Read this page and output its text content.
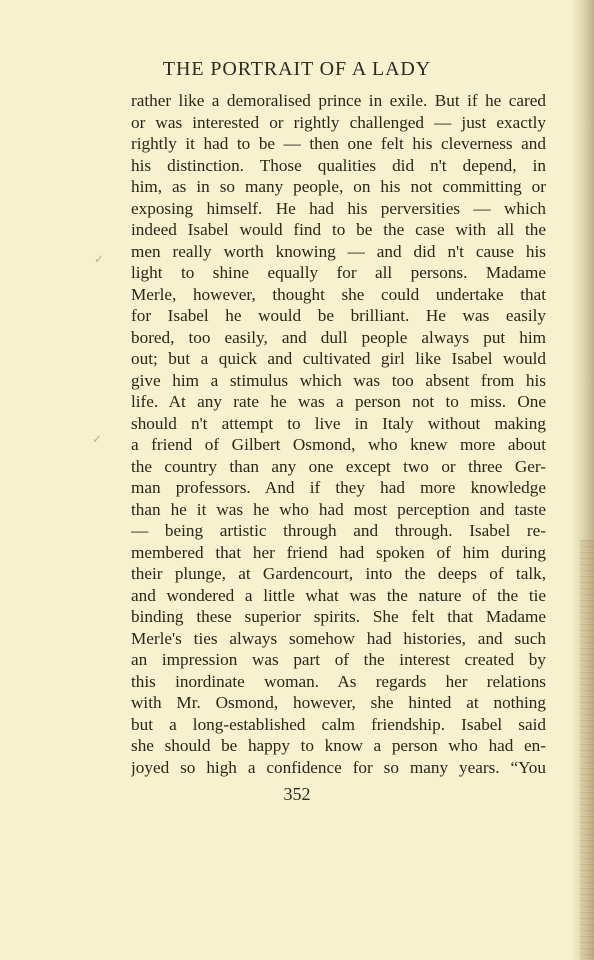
THE PORTRAIT OF A LADY
rather like a demoralised prince in exile. But if he cared
or was interested or rightly challenged — just exactly
rightly it had to be — then one felt his cleverness and
his distinction. Those qualities did n't depend, in
him, as in so many people, on his not committing or
exposing himself. He had his perversities — which
indeed Isabel would find to be the case with all the
men really worth knowing — and did n't cause his
light to shine equally for all persons. Madame
Merle, however, thought she could undertake that
for Isabel he would be brilliant. He was easily
bored, too easily, and dull people always put him
out; but a quick and cultivated girl like Isabel would
give him a stimulus which was too absent from his
life. At any rate he was a person not to miss. One
should n't attempt to live in Italy without making
a friend of Gilbert Osmond, who knew more about
the country than any one except two or three Ger-
man professors. And if they had more knowledge
than he it was he who had most perception and taste
— being artistic through and through. Isabel re-
membered that her friend had spoken of him during
their plunge, at Gardencourt, into the deeps of talk,
and wondered a little what was the nature of the tie
binding these superior spirits. She felt that Madame
Merle's ties always somehow had histories, and such
an impression was part of the interest created by
this inordinate woman. As regards her relations
with Mr. Osmond, however, she hinted at nothing
but a long-established calm friendship. Isabel said
she should be happy to know a person who had en-
joyed so high a confidence for so many years. “You
✓
✓
352
